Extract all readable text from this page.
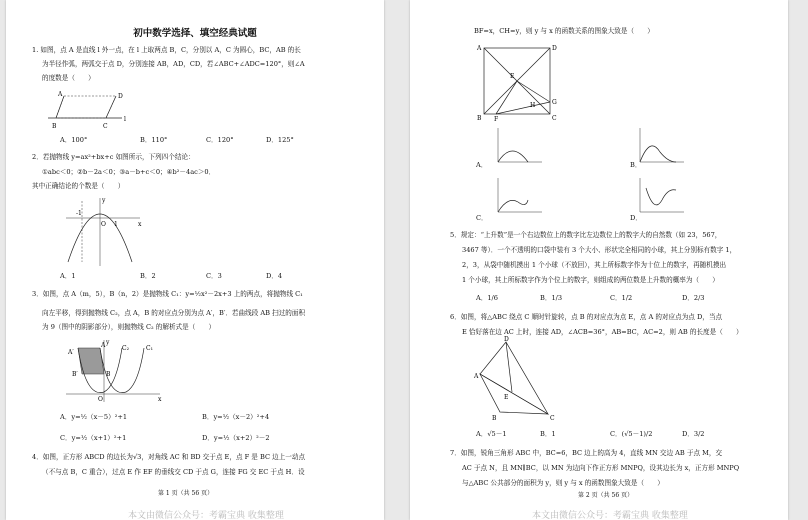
初中数学选择、填空经典试题
1. 如图，点 A 是直线 l 外一点，在 l 上取两点 B，C，分别以 A，C 为圆心，BC，AB 的长
为半径作弧，两弧交于点 D，分别连接 AB，AD，CD，若∠ABC+∠ADC=120°，则∠A
的度数是（　　）
A	D
B	C
l
A．100°	B．110°	C．120°	D．125°
2．若抛物线 y=ax²+bx+c 如图所示，下列四个结论：
①abc＜0；②b－2a＜0；③a－b+c＜0；④b²－4ac＞0．
其中正确结论的个数是（　　）
y
x
O 1
-1
A．1	B．2	C．3	D．4
3．如图，点 A（m，5），B（n，2）是抛物线 C₁：y=½x²－2x+3 上的两点，将抛物线 C₁
向左平移，得到抛物线 C₂，点 A，B 的对应点分别为点 A′，B′．若曲线段 AB 扫过的面积
为 9（图中的阴影部分），则抛物线 C₂ 的解析式是（　　）
y
A′
A
B′	B
C₂	C₁
O	x
A．y=½（x－5）²+1	B．y=½（x－2）²+4
C．y=½（x+1）²+1	D．y=½（x+2）²－2
4．如图，正方形 ABCD 的边长为√3，对角线 AC 和 BD 交于点 E，点 F 是 BC 边上一动点
（不与点 B，C 重合），过点 E 作 EF 的垂线交 CD 于点 G，连接 FG 交 EC 于点 H．设
第 1 页（共 56 页）
BF=x，CH=y，则 y 与 x 的函数关系的图象大致是（　　）
A	D
E
G
H
B F	C
A．	B．
C．	D．
5．规定：“上升数”是一个右边数位上的数字比左边数位上的数字大的自然数（如 23，567，
3467 等）．一个不透明的口袋中装有 3 个大小、形状完全相同的小球，其上分别标有数字 1，
2，3，从袋中随机摸出 1 个小球（不放回），其上所标数字作为十位上的数字，再随机摸出
1 个小球，其上所标数字作为个位上的数字，则组成的两位数是上升数的概率为（　　）
A．1/6	B．1/3	C．1/2	D．2/3
6．如图，将△ABC 绕点 C 顺时针旋转，点 B 的对应点为点 E，点 A 的对应点为点 D，当点
E 恰好落在边 AC 上时，连接 AD，∠ACB=36°，AB=BC，AC=2，则 AB 的长度是（　　）
D
A
E
B	C
A．√5－1	B．1	C．(√5－1)/2	D．3/2
7．如图，锐角三角形 ABC 中，BC=6，BC 边上的高为 4，直线 MN 交边 AB 于点 M，交
AC 于点 N，且 MN∥BC，以 MN 为边向下作正方形 MNPQ，设其边长为 x，正方形 MNPQ
与△ABC 公共部分的面积为 y，则 y 与 x 的函数图象大致是（　　）
第 2 页（共 56 页）
本文由微信公众号：考霸宝典 收集整理	本文由微信公众号：考霸宝典 收集整理
